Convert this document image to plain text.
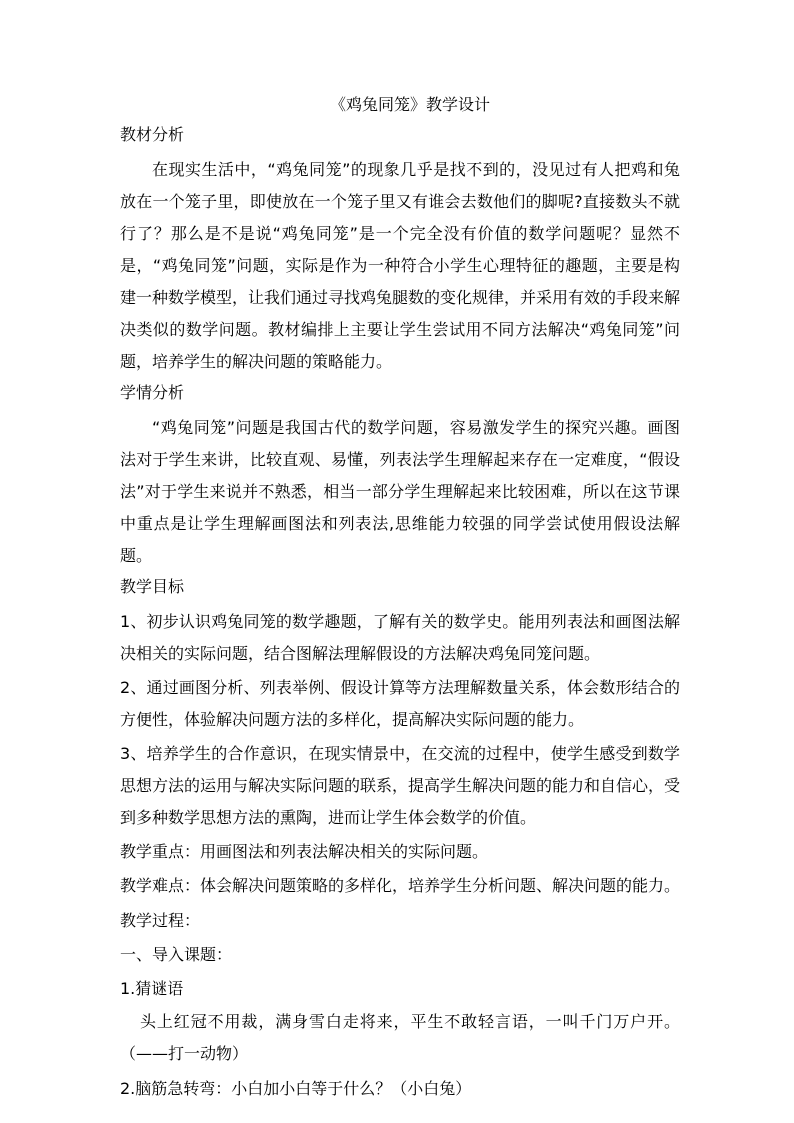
《鸡兔同笼》教学设计

教材分析

在现实生活中，“鸡兔同笼”的现象几乎是找不到的，没见过有人把鸡和兔放在一个笼子里，即使放在一个笼子里又有谁会去数他们的脚呢?直接数头不就行了？那么是不是说“鸡兔同笼”是一个完全没有价值的数学问题呢？显然不是，“鸡兔同笼”问题，实际是作为一种符合小学生心理特征的趣题，主要是构建一种数学模型，让我们通过寻找鸡兔腿数的变化规律，并采用有效的手段来解决类似的数学问题。教材编排上主要让学生尝试用不同方法解决“鸡兔同笼”问题，培养学生的解决问题的策略能力。

学情分析

“鸡兔同笼”问题是我国古代的数学问题，容易激发学生的探究兴趣。画图法对于学生来讲，比较直观、易懂，列表法学生理解起来存在一定难度，“假设法”对于学生来说并不熟悉，相当一部分学生理解起来比较困难，所以在这节课中重点是让学生理解画图法和列表法,思维能力较强的同学尝试使用假设法解题。

教学目标

1、初步认识鸡兔同笼的数学趣题，了解有关的数学史。能用列表法和画图法解决相关的实际问题，结合图解法理解假设的方法解决鸡兔同笼问题。

2、通过画图分析、列表举例、假设计算等方法理解数量关系，体会数形结合的方便性，体验解决问题方法的多样化，提高解决实际问题的能力。

3、培养学生的合作意识，在现实情景中，在交流的过程中，使学生感受到数学思想方法的运用与解决实际问题的联系，提高学生解决问题的能力和自信心，受到多种数学思想方法的熏陶，进而让学生体会数学的价值。

教学重点：用画图法和列表法解决相关的实际问题。

教学难点：体会解决问题策略的多样化，培养学生分析问题、解决问题的能力。

教学过程：

一、导入课题：

1.猜谜语

头上红冠不用裁，满身雪白走将来，平生不敢轻言语，一叫千门万户开。（——打一动物）

2.脑筋急转弯：小白加小白等于什么？（小白兔）
